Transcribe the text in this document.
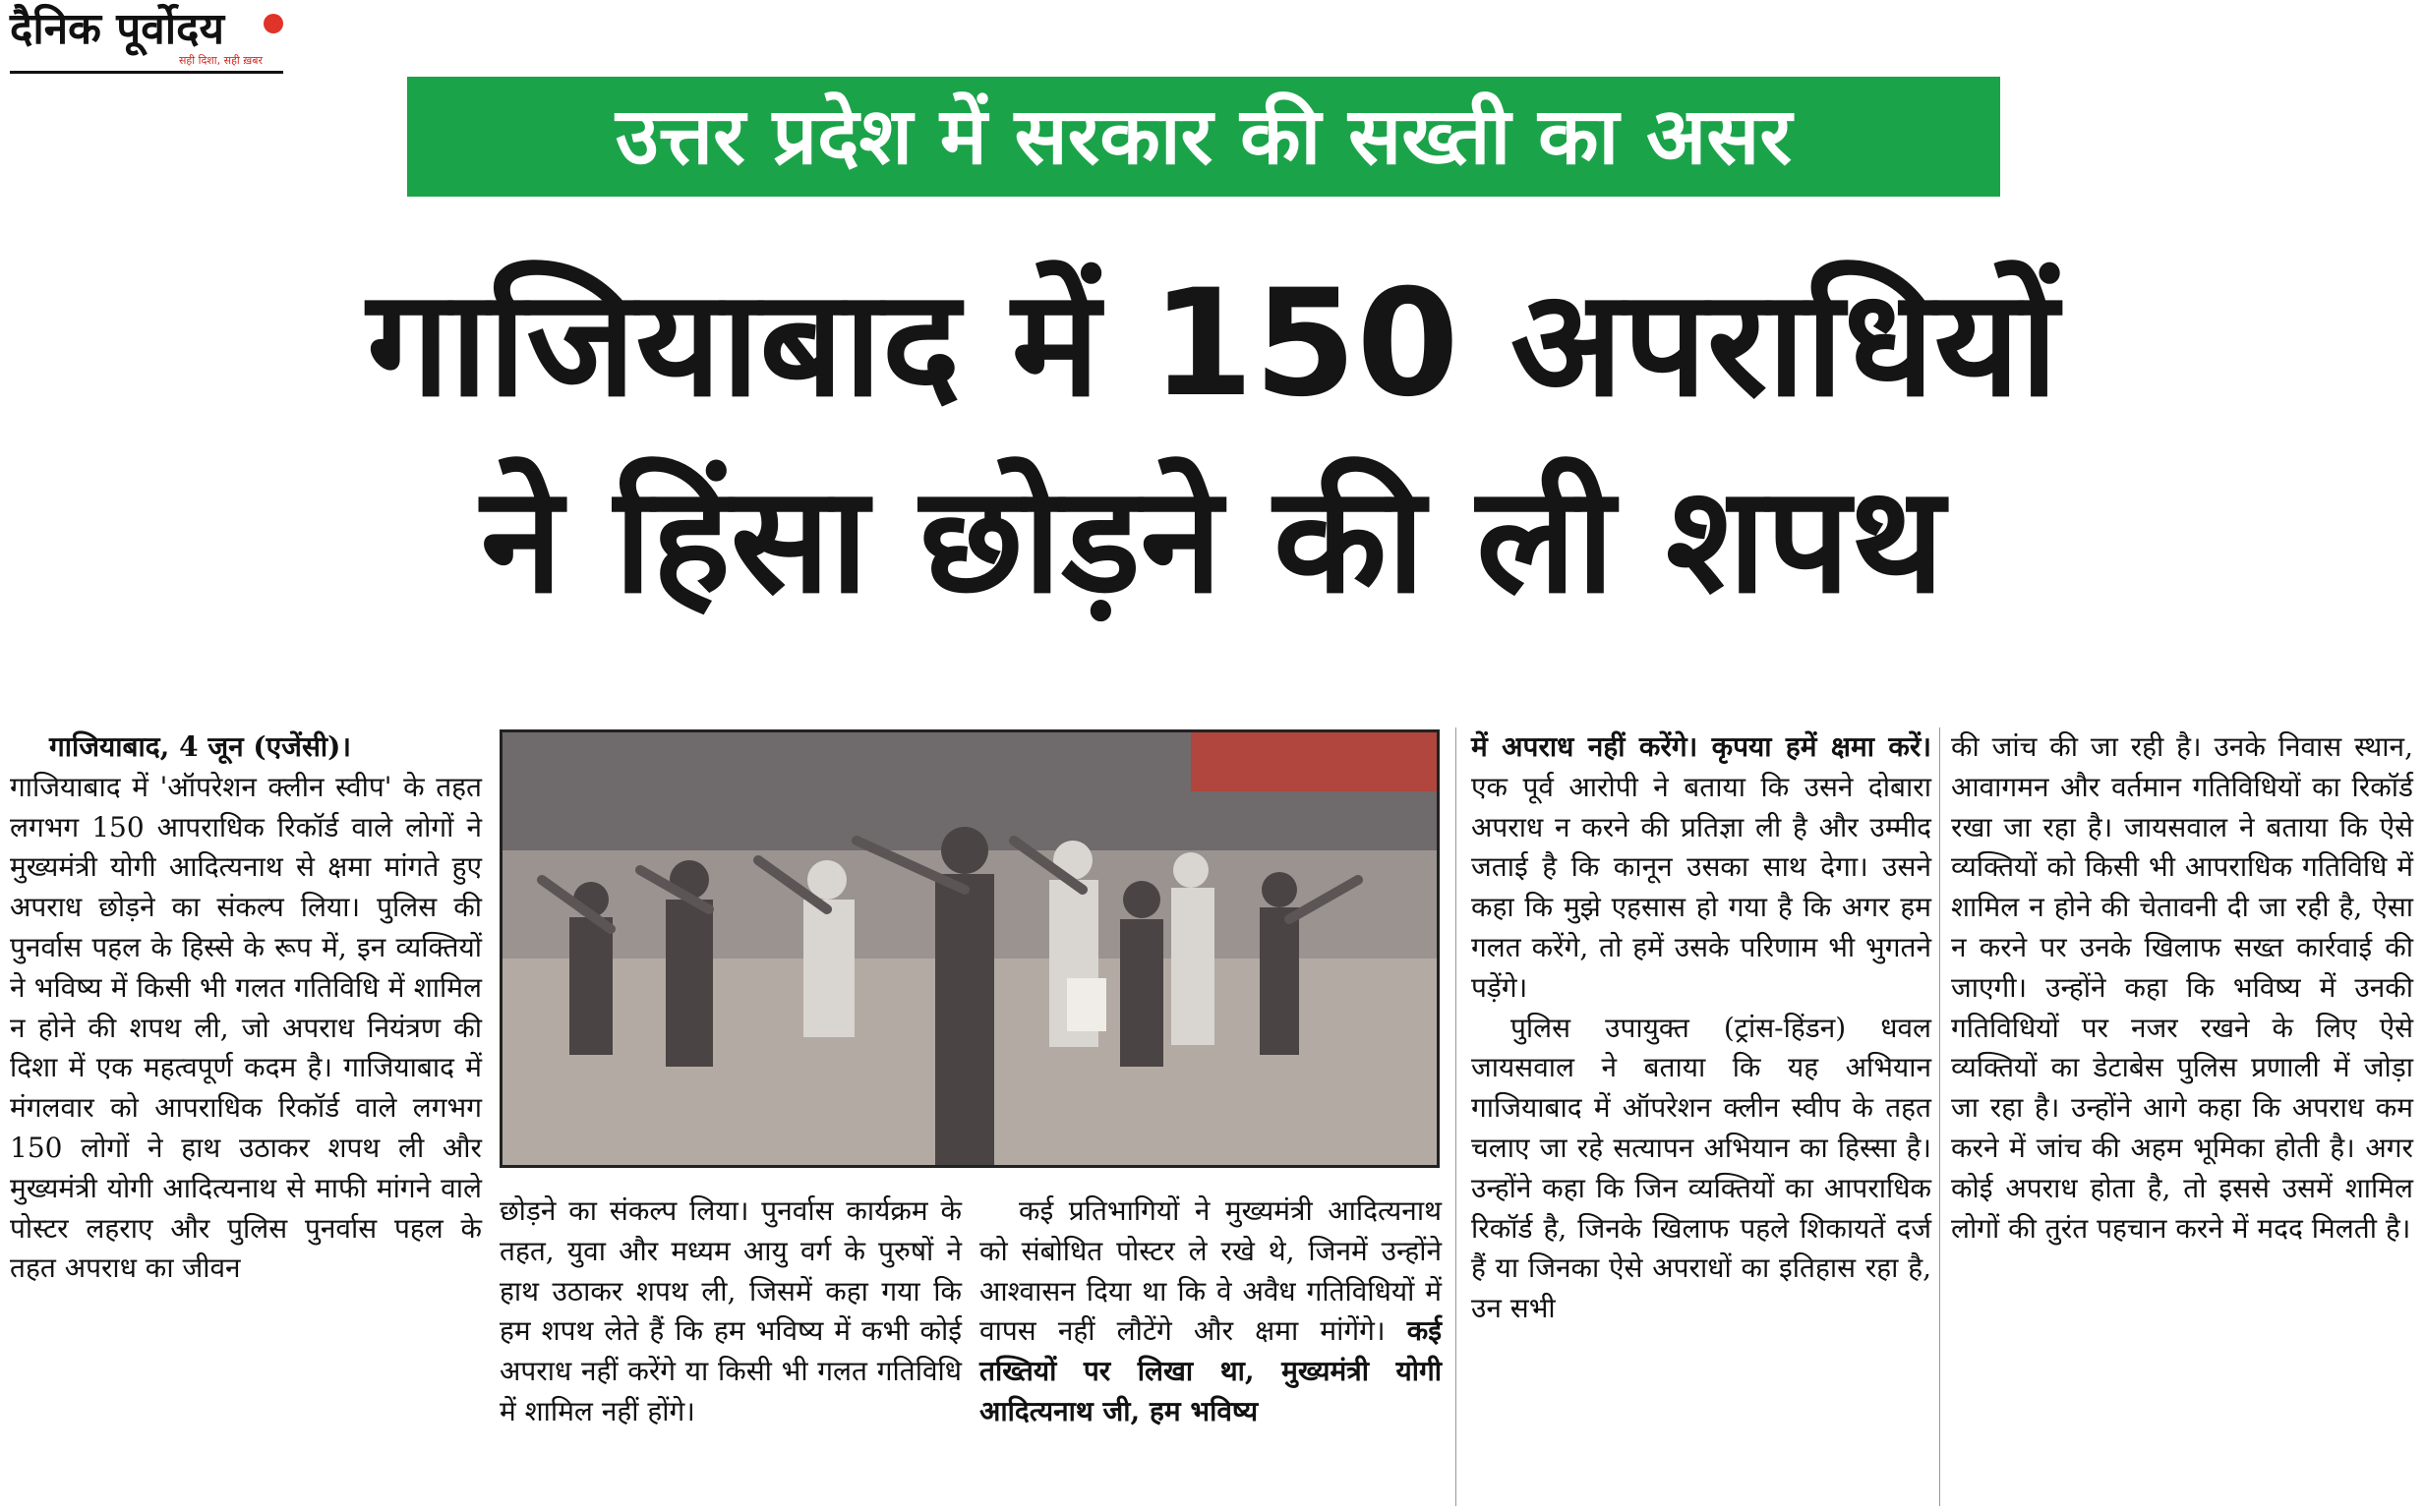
दैनिक पूर्वोदय
सही दिशा, सही ख़बर
उत्तर प्रदेश में सरकार की सख्ती का असर
गाजियाबाद में 150 अपराधियों
ने हिंसा छोड़ने की ली शपथ

गाजियाबाद, 4 जून (एजेंसी)।

गाजियाबाद में 'ऑपरेशन क्लीन स्वीप' के तहत लगभग 150 आपराधिक रिकॉर्ड वाले लोगों ने मुख्यमंत्री योगी आदित्यनाथ से क्षमा मांगते हुए अपराध छोड़ने का संकल्प लिया। पुलिस की पुनर्वास पहल के हिस्से के रूप में, इन व्यक्तियों ने भविष्य में किसी भी गलत गतिविधि में शामिल न होने की शपथ ली, जो अपराध नियंत्रण की दिशा में एक महत्वपूर्ण कदम है। गाजियाबाद में मंगलवार को आपराधिक रिकॉर्ड वाले लगभग 150 लोगों ने हाथ उठाकर शपथ ली और मुख्यमंत्री योगी आदित्यनाथ से माफी मांगने वाले पोस्टर लहराए और पुलिस पुनर्वास पहल के तहत अपराध का जीवन

छोड़ने का संकल्प लिया। पुनर्वास कार्यक्रम के तहत, युवा और मध्यम आयु वर्ग के पुरुषों ने हाथ उठाकर शपथ ली, जिसमें कहा गया कि हम शपथ लेते हैं कि हम भविष्य में कभी कोई अपराध नहीं करेंगे या किसी भी गलत गतिविधि में शामिल नहीं होंगे।

कई प्रतिभागियों ने मुख्यमंत्री आदित्यनाथ को संबोधित पोस्टर ले रखे थे, जिनमें उन्होंने आश्वासन दिया था कि वे अवैध गतिविधियों में वापस नहीं लौटेंगे और क्षमा मांगेंगे। कई तख्तियों पर लिखा था, मुख्यमंत्री योगी आदित्यनाथ जी, हम भविष्य

में अपराध नहीं करेंगे। कृपया हमें क्षमा करें। एक पूर्व आरोपी ने बताया कि उसने दोबारा अपराध न करने की प्रतिज्ञा ली है और उम्मीद जताई है कि कानून उसका साथ देगा। उसने कहा कि मुझे एहसास हो गया है कि अगर हम गलत करेंगे, तो हमें उसके परिणाम भी भुगतने पड़ेंगे।

पुलिस उपायुक्त (ट्रांस-हिंडन) धवल जायसवाल ने बताया कि यह अभियान गाजियाबाद में ऑपरेशन क्लीन स्वीप के तहत चलाए जा रहे सत्यापन अभियान का हिस्सा है। उन्होंने कहा कि जिन व्यक्तियों का आपराधिक रिकॉर्ड है, जिनके खिलाफ पहले शिकायतें दर्ज हैं या जिनका ऐसे अपराधों का इतिहास रहा है, उन सभी

की जांच की जा रही है। उनके निवास स्थान, आवागमन और वर्तमान गतिविधियों का रिकॉर्ड रखा जा रहा है। जायसवाल ने बताया कि ऐसे व्यक्तियों को किसी भी आपराधिक गतिविधि में शामिल न होने की चेतावनी दी जा रही है, ऐसा न करने पर उनके खिलाफ सख्त कार्रवाई की जाएगी। उन्होंने कहा कि भविष्य में उनकी गतिविधियों पर नजर रखने के लिए ऐसे व्यक्तियों का डेटाबेस पुलिस प्रणाली में जोड़ा जा रहा है। उन्होंने आगे कहा कि अपराध कम करने में जांच की अहम भूमिका होती है। अगर कोई अपराध होता है, तो इससे उसमें शामिल लोगों की तुरंत पहचान करने में मदद मिलती है।
